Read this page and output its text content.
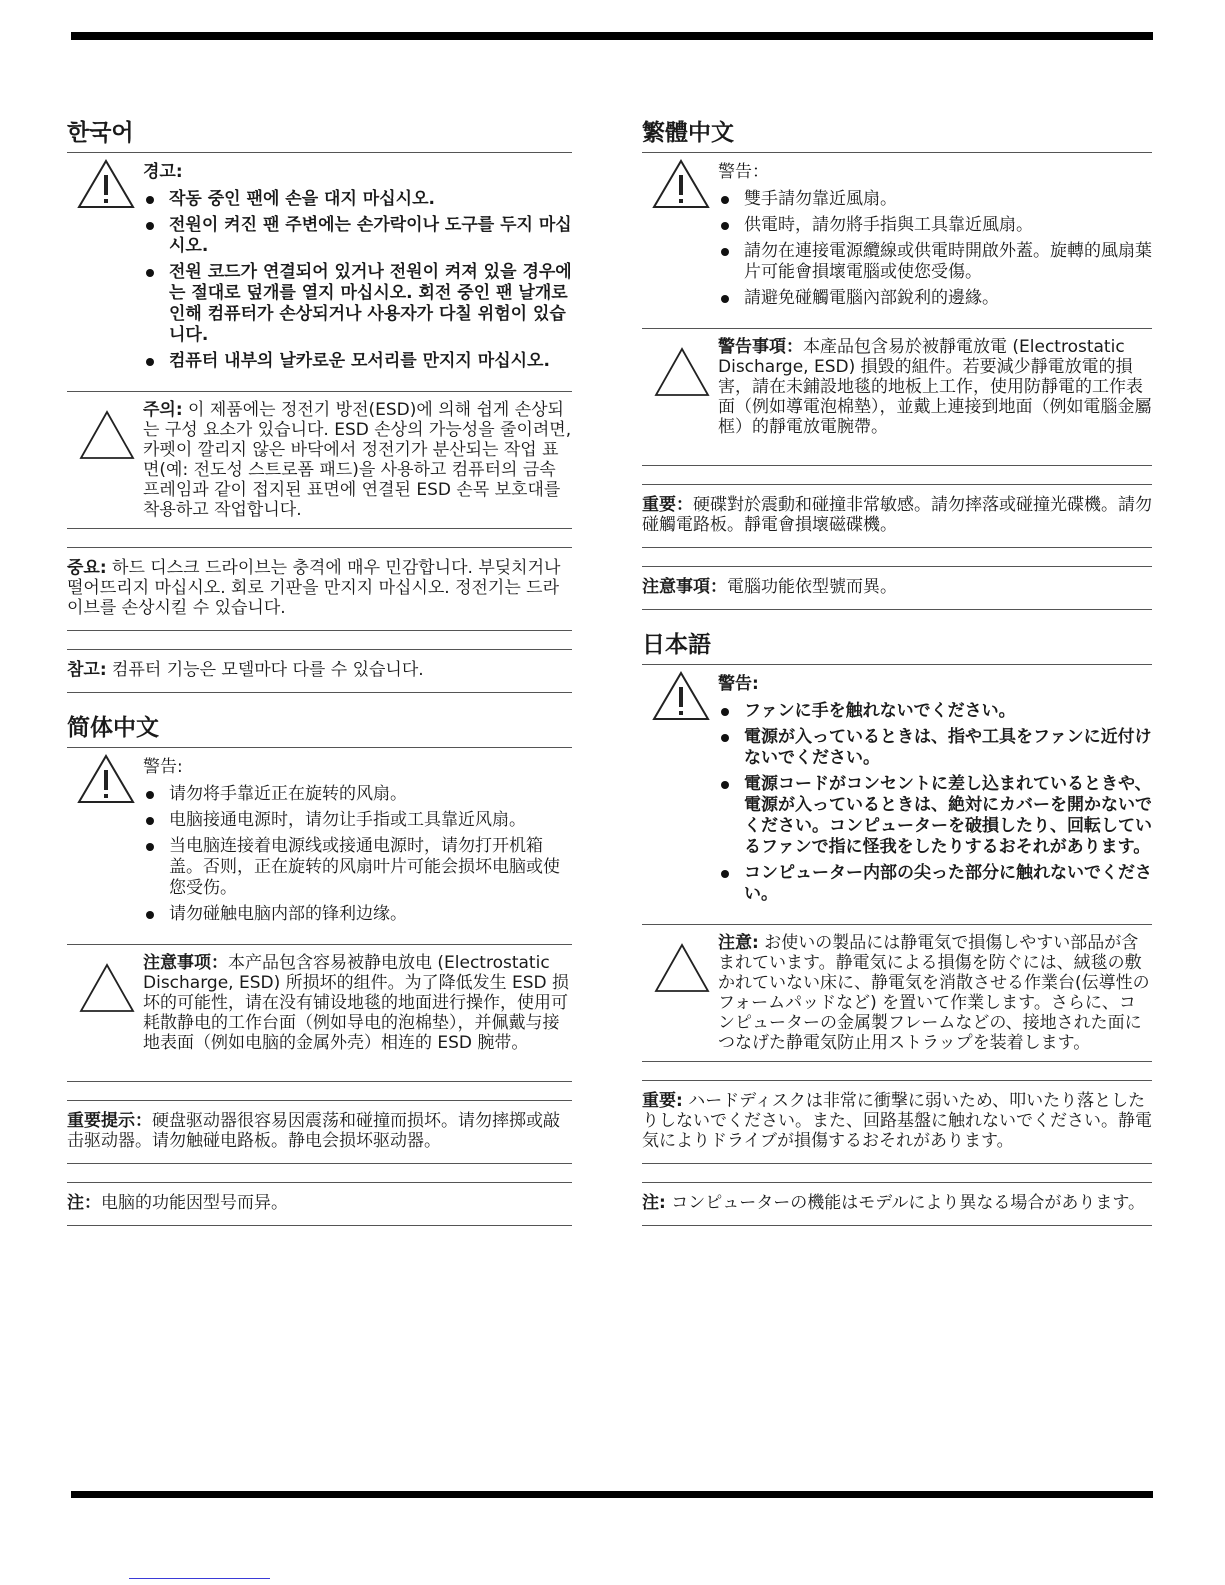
한국어

경고:

작동 중인 팬에 손을 대지 마십시오.
전원이 켜진 팬 주변에는 손가락이나 도구를 두지 마십시오.
전원 코드가 연결되어 있거나 전원이 켜져 있을 경우에는 절대로 덮개를 열지 마십시오. 회전 중인 팬 날개로 인해 컴퓨터가 손상되거나 사용자가 다칠 위험이 있습니다.
컴퓨터 내부의 날카로운 모서리를 만지지 마십시오.

주의: 이 제품에는 정전기 방전(ESD)에 의해 쉽게 손상되는 구성 요소가 있습니다. ESD 손상의 가능성을 줄이려면, 카펫이 깔리지 않은 바닥에서 정전기가 분산되는 작업 표면(예: 전도성 스트로폼 패드)을 사용하고 컴퓨터의 금속 프레임과 같이 접지된 표면에 연결된 ESD 손목 보호대를 착용하고 작업합니다.

중요: 하드 디스크 드라이브는 충격에 매우 민감합니다. 부딪치거나 떨어뜨리지 마십시오. 회로 기판을 만지지 마십시오. 정전기는 드라이브를 손상시킬 수 있습니다.

참고: 컴퓨터 기능은 모델마다 다를 수 있습니다.

简体中文

警告:

请勿将手靠近正在旋转的风扇。
电脑接通电源时，请勿让手指或工具靠近风扇。
当电脑连接着电源线或接通电源时，请勿打开机箱盖。否则，正在旋转的风扇叶片可能会损坏电脑或使您受伤。
请勿碰触电脑内部的锋利边缘。

注意事项：本产品包含容易被静电放电 (Electrostatic Discharge, ESD) 所损坏的组件。为了降低发生 ESD 损坏的可能性，请在没有铺设地毯的地面进行操作，使用可耗散静电的工作台面（例如导电的泡棉垫），并佩戴与接地表面（例如电脑的金属外壳）相连的 ESD 腕带。

重要提示：硬盘驱动器很容易因震荡和碰撞而损坏。请勿摔掷或敲击驱动器。请勿触碰电路板。静电会损坏驱动器。

注：电脑的功能因型号而异。

繁體中文

警告：

雙手請勿靠近風扇。
供電時，請勿將手指與工具靠近風扇。
請勿在連接電源纜線或供電時開啟外蓋。旋轉的風扇葉片可能會損壞電腦或使您受傷。
請避免碰觸電腦內部銳利的邊緣。

警告事項：本產品包含易於被靜電放電 (Electrostatic Discharge, ESD) 損毀的組件。若要減少靜電放電的損害，請在未鋪設地毯的地板上工作，使用防靜電的工作表面（例如導電泡棉墊），並戴上連接到地面（例如電腦金屬框）的靜電放電腕帶。

重要：硬碟對於震動和碰撞非常敏感。請勿摔落或碰撞光碟機。請勿碰觸電路板。靜電會損壞磁碟機。

注意事項：電腦功能依型號而異。

日本語

警告:

ファンに手を触れないでください。
電源が入っているときは、指や工具をファンに近付けないでください。
電源コードがコンセントに差し込まれているときや、電源が入っているときは、絶対にカバーを開かないでください。コンピューターを破損したり、回転しているファンで指に怪我をしたりするおそれがあります。
コンピューター内部の尖った部分に触れないでください。

注意: お使いの製品には静電気で損傷しやすい部品が含まれています。静電気による損傷を防ぐには、絨毯の敷かれていない床に、静電気を消散させる作業台(伝導性のフォームパッドなど) を置いて作業します。さらに、コンピューターの金属製フレームなどの、接地された面につなげた静電気防止用ストラップを装着します。

重要: ハードディスクは非常に衝撃に弱いため、叩いたり落としたりしないでください。また、回路基盤に触れないでください。静電気によりドライブが損傷するおそれがあります。

注: コンピューターの機能はモデルにより異なる場合があります。
